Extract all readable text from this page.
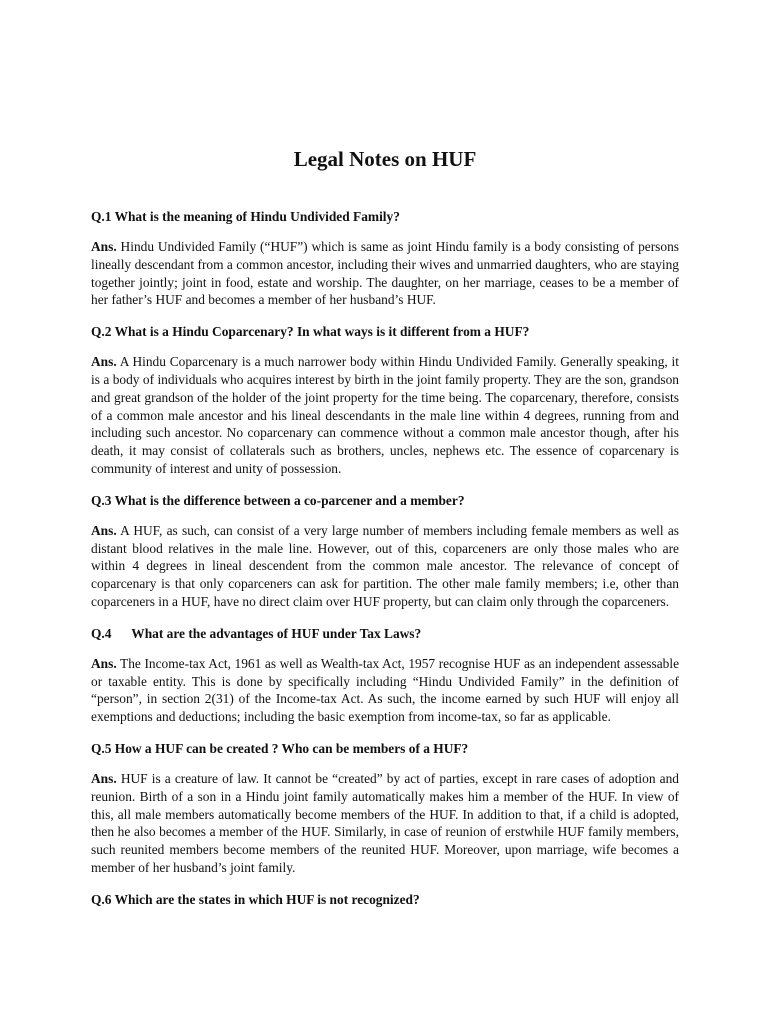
Legal Notes on HUF
Q.1 What is the meaning of Hindu Undivided Family?

Ans. Hindu Undivided Family (“HUF”) which is same as joint Hindu family is a body consisting of persons lineally descendant from a common ancestor, including their wives and unmarried daughters, who are staying together jointly; joint in food, estate and worship. The daughter, on her marriage, ceases to be a member of her father’s HUF and becomes a member of her husband’s HUF.

Q.2 What is a Hindu Coparcenary? In what ways is it different from a HUF?

Ans. A Hindu Coparcenary is a much narrower body within Hindu Undivided Family. Generally speaking, it is a body of individuals who acquires interest by birth in the joint family property. They are the son, grandson and great grandson of the holder of the joint property for the time being. The coparcenary, therefore, consists of a common male ancestor and his lineal descendants in the male line within 4 degrees, running from and including such ancestor. No coparcenary can commence without a common male ancestor though, after his death, it may consist of collaterals such as brothers, uncles, nephews etc. The essence of coparcenary is community of interest and unity of possession.

Q.3 What is the difference between a co-parcener and a member?

Ans. A HUF, as such, can consist of a very large number of members including female members as well as distant blood relatives in the male line. However, out of this, coparceners are only those males who are within 4 degrees in lineal descendent from the common male ancestor. The relevance of concept of coparcenary is that only coparceners can ask for partition. The other male family members; i.e, other than coparceners in a HUF, have no direct claim over HUF property, but can claim only through the coparceners.

Q.4      What are the advantages of HUF under Tax Laws?

Ans. The Income-tax Act, 1961 as well as Wealth-tax Act, 1957 recognise HUF as an independent assessable or taxable entity. This is done by specifically including “Hindu Undivided Family” in the definition of “person”, in section 2(31) of the Income-tax Act. As such, the income earned by such HUF will enjoy all exemptions and deductions; including the basic exemption from income-tax, so far as applicable.

Q.5 How a HUF can be created ? Who can be members of a HUF?

Ans. HUF is a creature of law. It cannot be “created” by act of parties, except in rare cases of adoption and reunion. Birth of a son in a Hindu joint family automatically makes him a member of the HUF. In view of this, all male members automatically become members of the HUF. In addition to that, if a child is adopted, then he also becomes a member of the HUF. Similarly, in case of reunion of erstwhile HUF family members, such reunited members become members of the reunited HUF. Moreover, upon marriage, wife becomes a member of her husband’s joint family.

Q.6 Which are the states in which HUF is not recognized?
